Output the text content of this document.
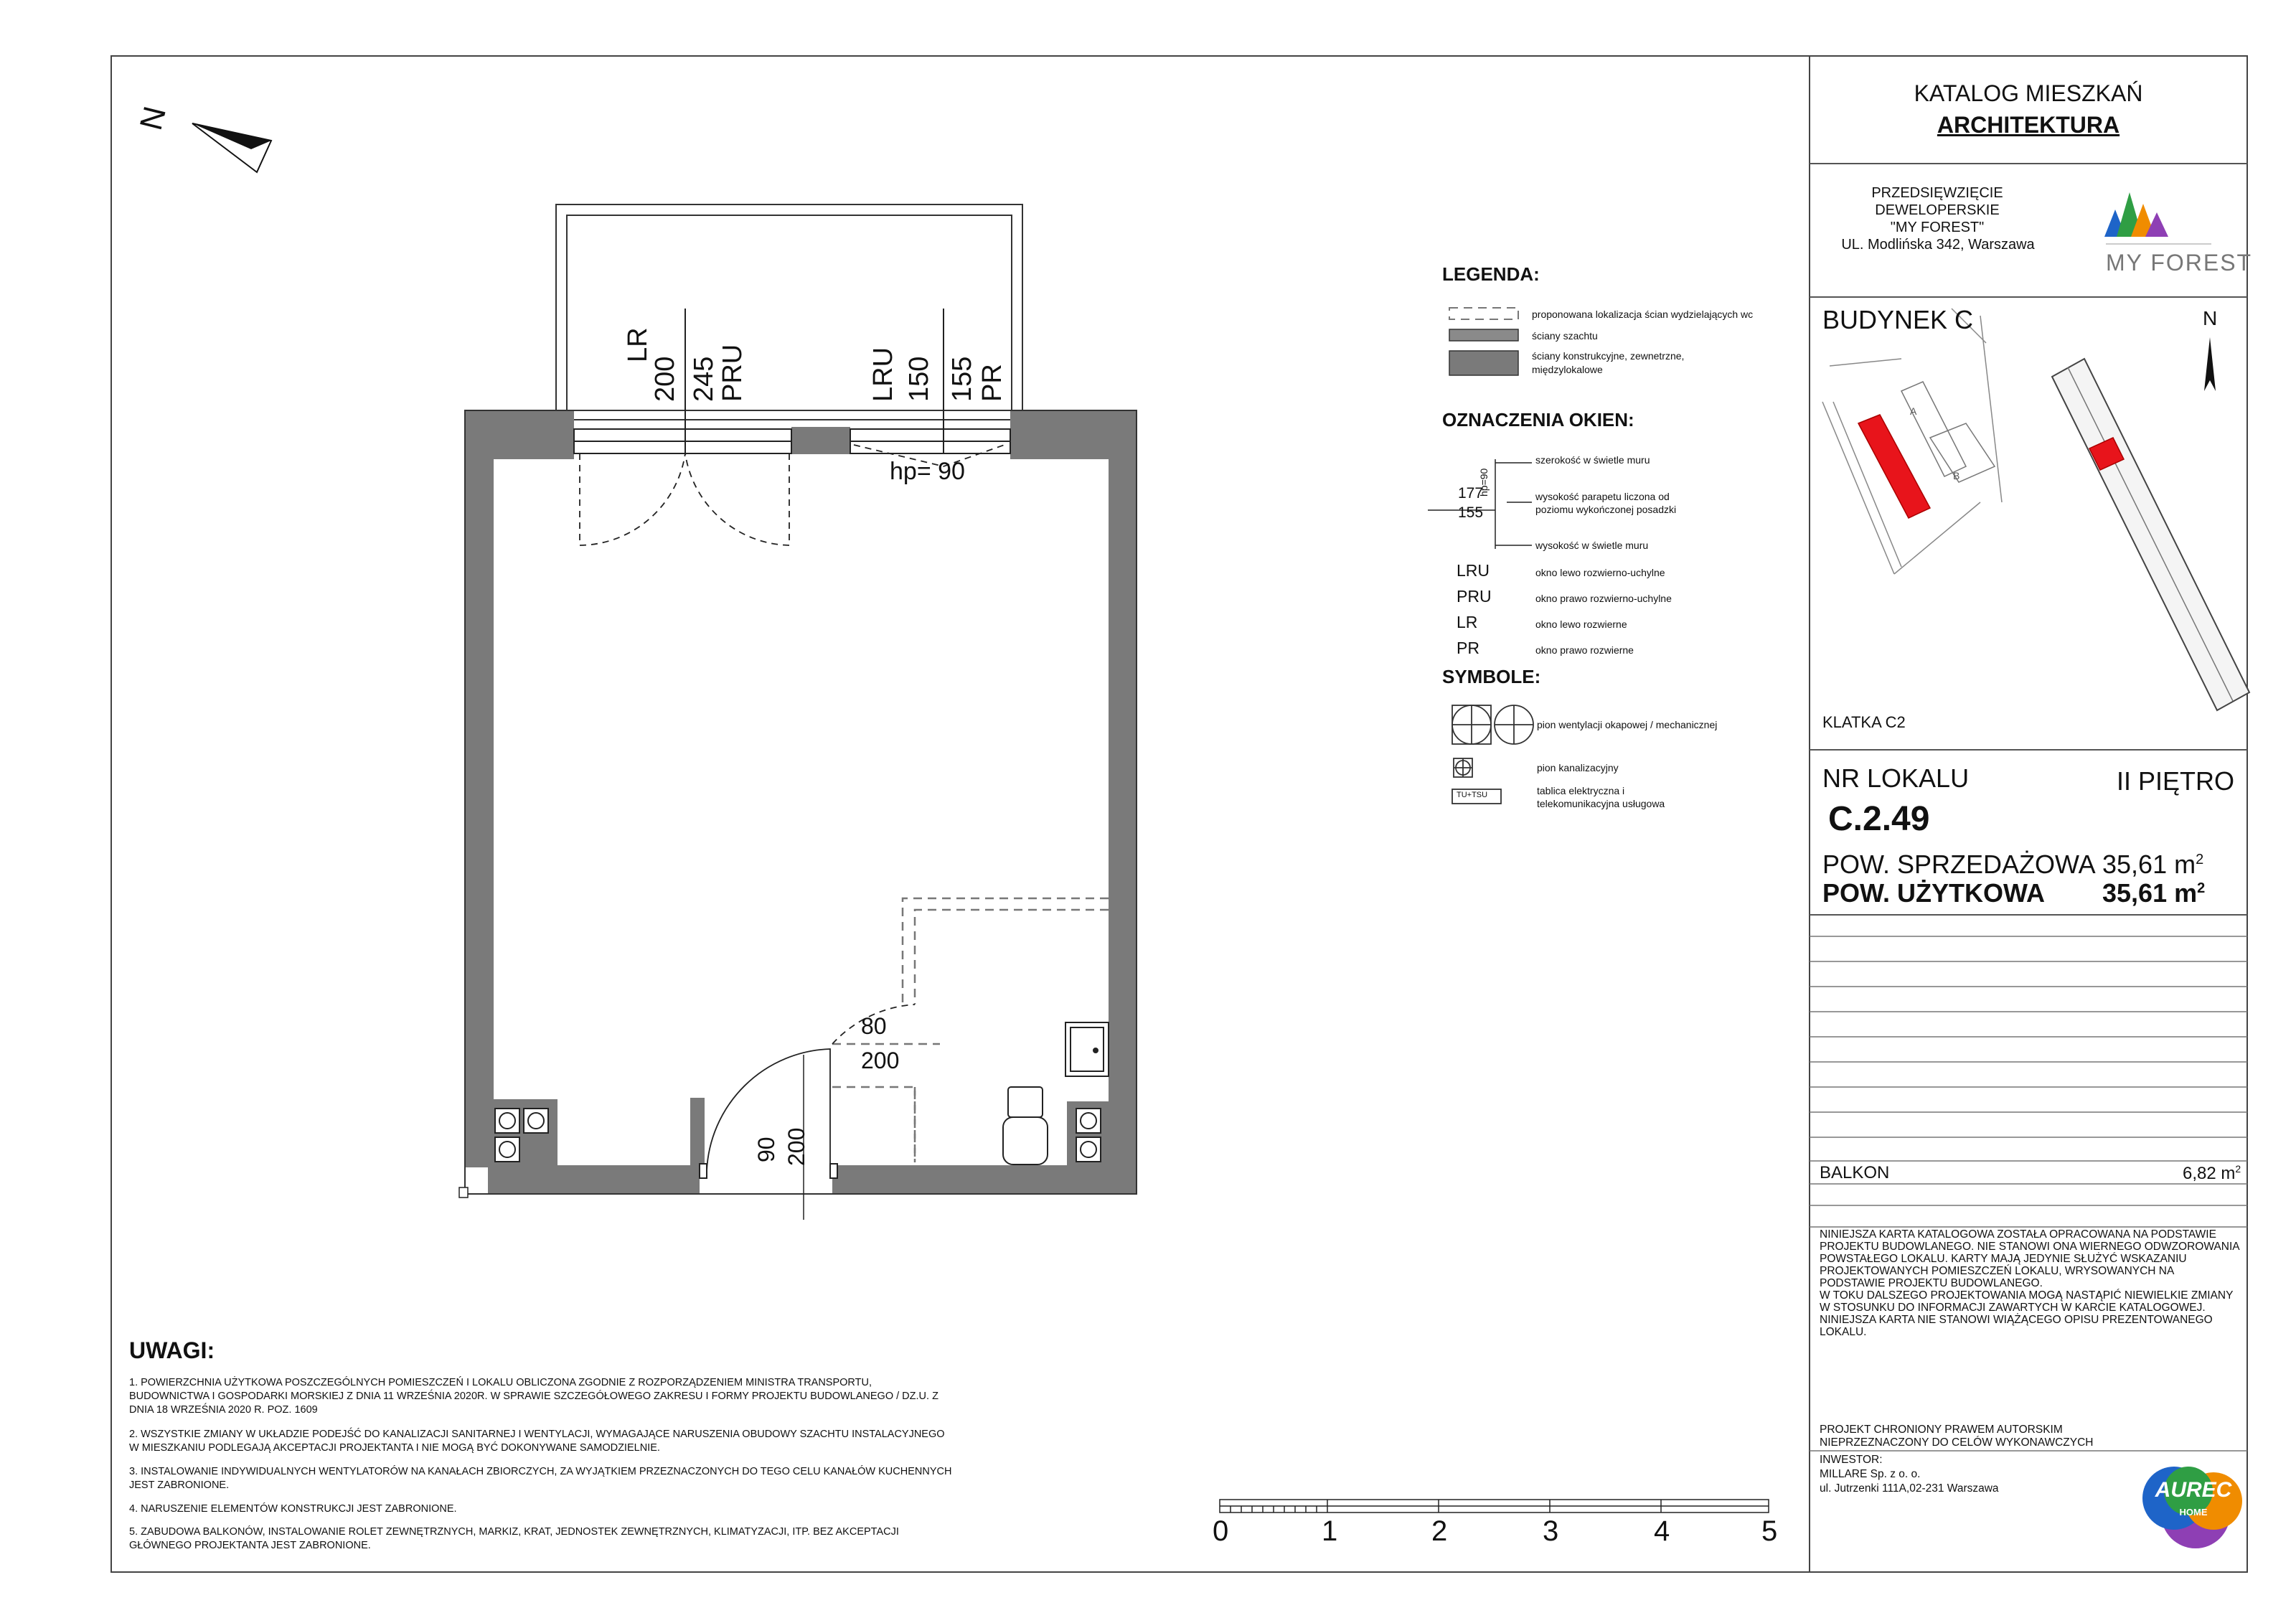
KATALOG MIESZKAŃ
ARCHITEKTURA
PRZEDSIĘWZIĘCIE
DEWELOPERSKIE
"MY FOREST"
UL. Modlińska 342, Warszawa
MY FOREST
BUDYNEK C	N
KLATKA C2
A
B
NR LOKALU	II PIĘTRO
C.2.49
POW. SPRZEDAŻOWA 35,61 $m^2$
POW. UŻYTKOWA 35,61 $m^2$
BALKON	6,82 $m^2$
NINIEJSZA KARTA KATALOGOWA ZOSTAŁA OPRACOWANA NA PODSTAWIE
PROJEKTU BUDOWLANEGO. NIE STANOWI ONA WIERNEGO ODWZOROWANIA
POWSTAŁEGO LOKALU. KARTY MAJĄ JEDYNIE SŁUŻYĆ WSKAZANIU
PROJEKTOWANYCH POMIESZCZEŃ LOKALU, WRYSOWANYCH NA
PODSTAWIE PROJEKTU BUDOWLANEGO.
W TOKU DALSZEGO PROJEKTOWANIA MOGĄ NASTĄPIĆ NIEWIELKIE ZMIANY
W STOSUNKU DO INFORMACJI ZAWARTYCH W KARCIE KATALOGOWEJ.
NINIEJSZA KARTA NIE STANOWI WIĄŻĄCEGO OPISU PREZENTOWANEGO
LOKALU.
PROJEKT CHRONIONY PRAWEM AUTORSKIM
NIEPRZEZNACZONY DO CELÓW WYKONAWCZYCH
INWESTOR:
MILLARE Sp. z o. o.
ul. Jutrzenki 111A,02-231 Warszawa	AUREC
HOME
LEGENDA:
proponowana lokalizacja ścian wydzielających wc
ściany szachtu
ściany konstrukcyjne, zewnetrzne,
międzylokalowe
OZNACZENIA OKIEN:
szerokość w świetle muru
177
155
hp=90	wysokość parapetu liczona od
poziomu wykończonej posadzki
wysokość w świetle muru
LRU	okno lewo rozwierno-uchylne
PRU	okno prawo rozwierno-uchylne
LR	okno lewo rozwierne
PR	okno prawo rozwierne
SYMBOLE:
pion wentylacji okapowej / mechanicznej
pion kanalizacyjny
tablica elektryczna i
telekomunikacyjna usługowa
TU+TSU
N
LR
200 245
PRU	LRU 150 155 PR
hp= 90
80
200
90 200
UWAGI:
1. POWIERZCHNIA UŻYTKOWA POSZCZEGÓLNYCH POMIESZCZEŃ I LOKALU OBLICZONA ZGODNIE Z ROZPORZĄDZENIEM MINISTRA TRANSPORTU, BUDOWNICTWA I GOSPODARKI MORSKIEJ Z DNIA 11 WRZEŚNIA 2020R. W SPRAWIE SZCZEGÓŁOWEGO ZAKRESU I FORMY PROJEKTU BUDOWLANEGO / DZ.U. Z DNIA 18 WRZEŚNIA 2020 R. POZ. 1609
2. WSZYSTKIE ZMIANY W UKŁADZIE PODEJŚĆ DO KANALIZACJI SANITARNEJ I WENTYLACJI, WYMAGAJĄCE NARUSZENIA OBUDOWY SZACHTU INSTALACYJNEGO W MIESZKANIU PODLEGAJĄ AKCEPTACJI PROJEKTANTA I NIE MOGĄ BYĆ DOKONYWANE SAMODZIELNIE.
3. INSTALOWANIE INDYWIDUALNYCH WENTYLATORÓW NA KANAŁACH ZBIORCZYCH, ZA WYJĄTKIEM PRZEZNACZONYCH DO TEGO CELU KANAŁÓW KUCHENNYCH JEST ZABRONIONE.
4. NARUSZENIE ELEMENTÓW KONSTRUKCJI JEST ZABRONIONE.
5. ZABUDOWA BALKONÓW, INSTALOWANIE ROLET ZEWNĘTRZNYCH, MARKIZ, KRAT, JEDNOSTEK ZEWNĘTRZNYCH, KLIMATYZACJI, ITP. BEZ AKCEPTACJI GŁÓWNEGO PROJEKTANTA JEST ZABRONIONE.	0	1	2	3	4	5
